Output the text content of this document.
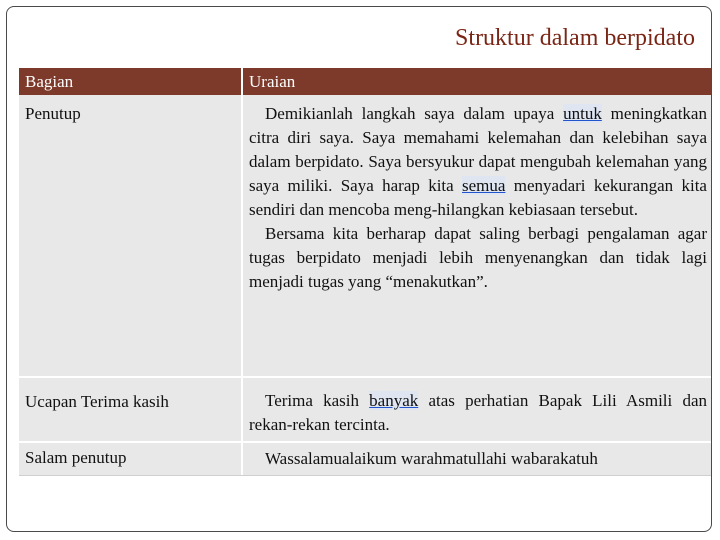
Struktur dalam berpidato
Bagian	Uraian
Penutup	Demikianlah langkah saya dalam upaya untuk meningkatkan citra diri saya. Saya memahami kelemahan dan kelebihan saya dalam berpidato. Saya bersyukur dapat mengubah kelemahan yang saya miliki. Saya harap kita semua menyadari kekurangan kita sendiri dan mencoba meng-hilangkan kebiasaan tersebut.

Bersama kita berharap dapat saling berbagi pengalaman agar tugas berpidato menjadi lebih menyenangkan dan tidak lagi menjadi tugas yang “menakutkan”.

Ucapan Terima kasih	Terima kasih banyak atas perhatian Bapak Lili Asmili dan rekan-rekan tercinta.

Salam penutup	Wassalamualaikum warahmatullahi wabarakatuh
